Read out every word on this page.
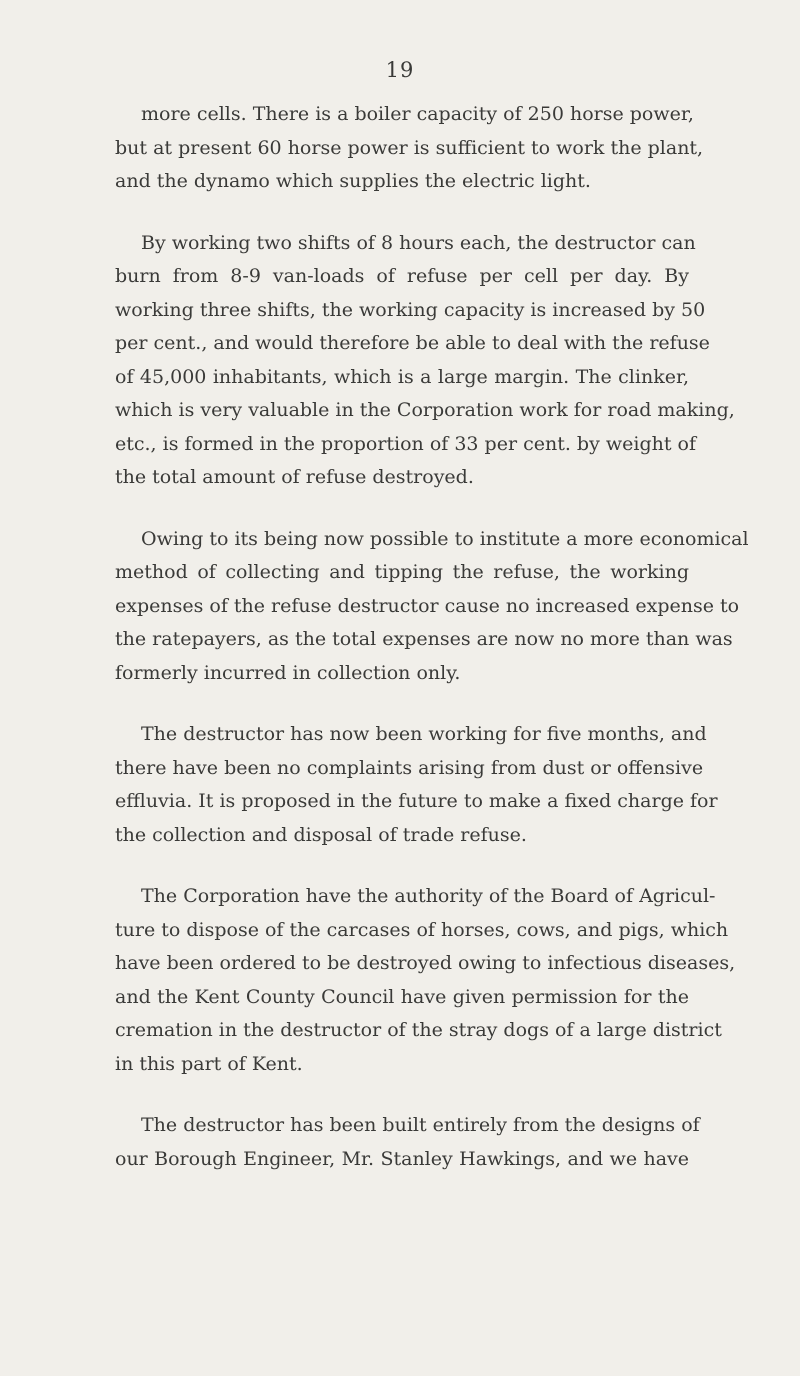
19
more cells. There is a boiler capacity of 250 horse power,
but at present 60 horse power is sufficient to work the plant,
and the dynamo which supplies the electric light.
By working two shifts of 8 hours each, the destructor can
burn from 8-9 van-loads of refuse per cell per day. By
working three shifts, the working capacity is increased by 50
per cent., and would therefore be able to deal with the refuse
of 45,000 inhabitants, which is a large margin. The clinker,
which is very valuable in the Corporation work for road making,
etc., is formed in the proportion of 33 per cent. by weight of
the total amount of refuse destroyed.
Owing to its being now possible to institute a more economical
method of collecting and tipping the refuse, the working
expenses of the refuse destructor cause no increased expense to
the ratepayers, as the total expenses are now no more than was
formerly incurred in collection only.
The destructor has now been working for five months, and
there have been no complaints arising from dust or offensive
effluvia. It is proposed in the future to make a fixed charge for
the collection and disposal of trade refuse.
The Corporation have the authority of the Board of Agricul-
ture to dispose of the carcases of horses, cows, and pigs, which
have been ordered to be destroyed owing to infectious diseases,
and the Kent County Council have given permission for the
cremation in the destructor of the stray dogs of a large district
in this part of Kent.
The destructor has been built entirely from the designs of
our Borough Engineer, Mr. Stanley Hawkings, and we have
